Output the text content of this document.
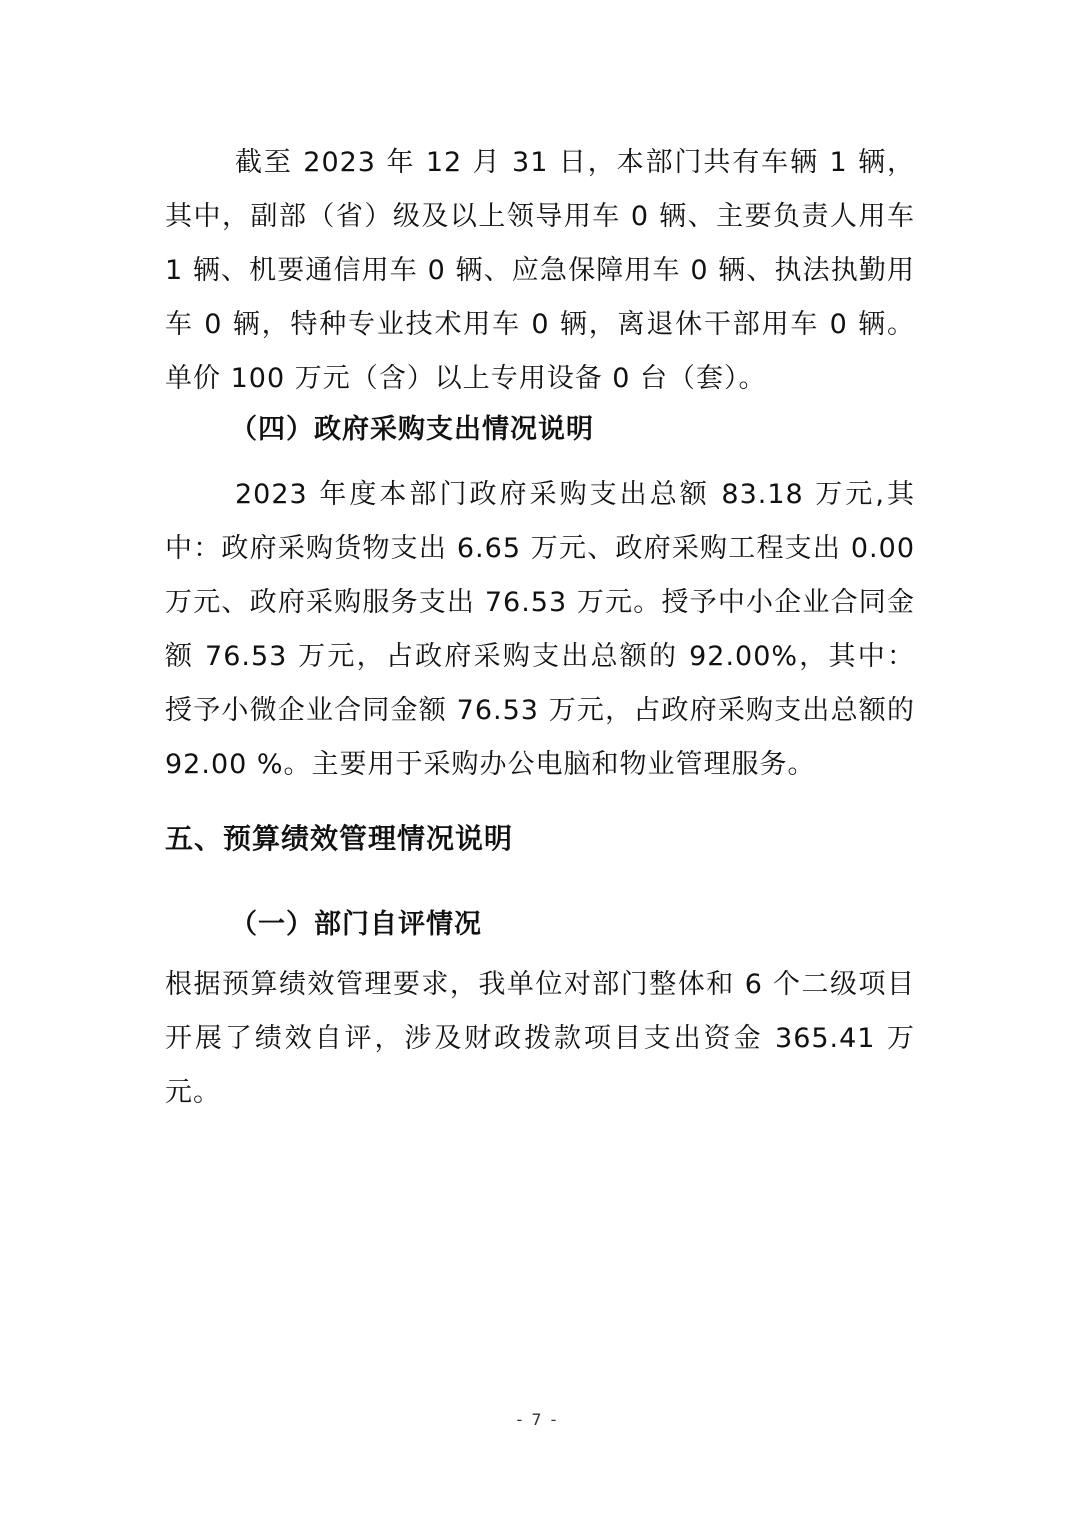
截至 2023 年 12 月 31 日，本部门共有车辆 1 辆，其中，副部（省）级及以上领导用车 0 辆、主要负责人用车 1 辆、机要通信用车 0 辆、应急保障用车 0 辆、执法执勤用车 0 辆，特种专业技术用车 0 辆，离退休干部用车 0 辆。单价 100 万元（含）以上专用设备 0 台（套）。

（四）政府采购支出情况说明

2023 年度本部门政府采购支出总额 83.18 万元,其中：政府采购货物支出 6.65 万元、政府采购工程支出 0.00 万元、政府采购服务支出 76.53 万元。授予中小企业合同金额 76.53 万元，占政府采购支出总额的 92.00%，其中：授予小微企业合同金额 76.53 万元，占政府采购支出总额的 92.00 %。主要用于采购办公电脑和物业管理服务。

五、预算绩效管理情况说明

（一）部门自评情况

根据预算绩效管理要求，我单位对部门整体和 6 个二级项目开展了绩效自评，涉及财政拨款项目支出资金 365.41 万元。

- 7 -
